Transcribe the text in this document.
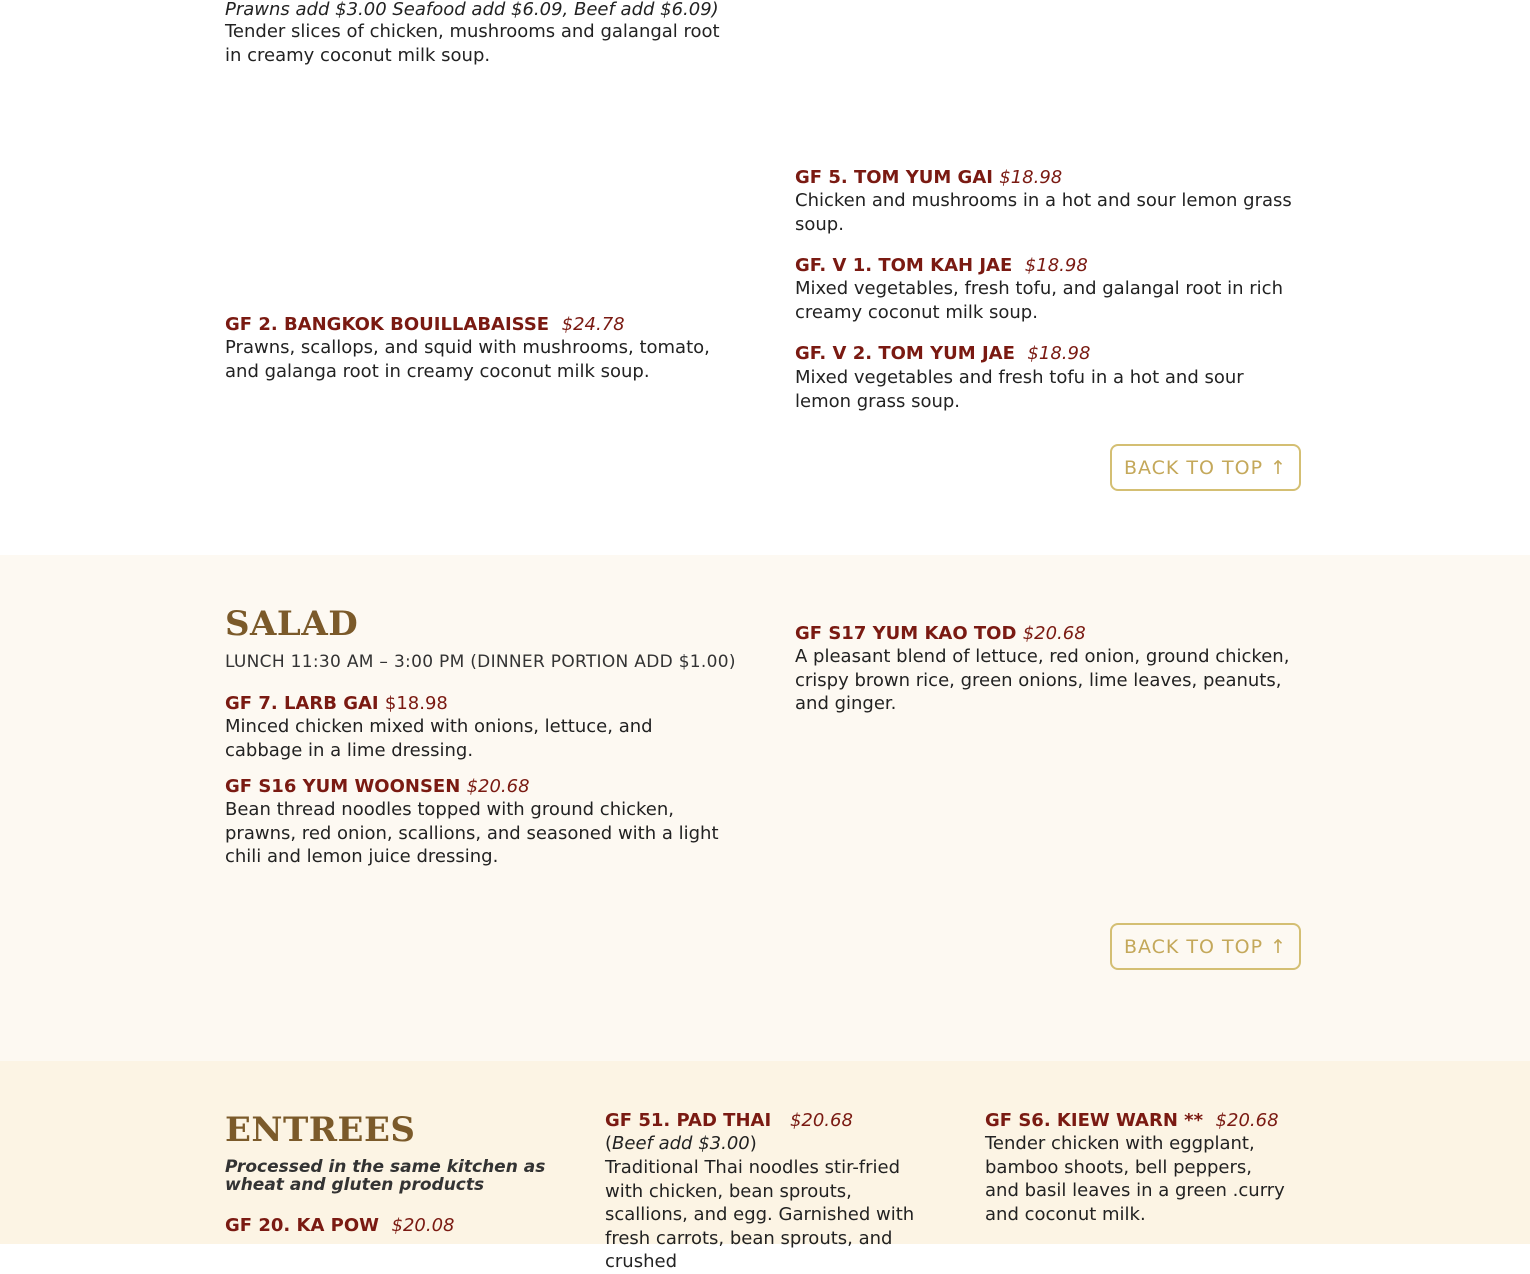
Prawns add $3.00 Seafood add $6.09, Beef add $6.09)
Tender slices of chicken, mushrooms and galangal root in creamy coconut milk soup.
GF 2. BANGKOK BOUILLABAISSE $24.78
Prawns, scallops, and squid with mushrooms, tomato, and galanga root in creamy coconut milk soup.
GF 5. TOM YUM GAI $18.98
Chicken and mushrooms in a hot and sour lemon grass soup.
GF. V 1. TOM KAH JAE $18.98
Mixed vegetables, fresh tofu, and galangal root in rich creamy coconut milk soup.
GF. V 2. TOM YUM JAE $18.98
Mixed vegetables and fresh tofu in a hot and sour lemon grass soup.
BACK TO TOP ↑
SALAD
LUNCH 11:30 AM – 3:00 PM (DINNER PORTION ADD $1.00)
GF 7. LARB GAI $18.98
Minced chicken mixed with onions, lettuce, and cabbage in a lime dressing.
GF S16 YUM WOONSEN $20.68
Bean thread noodles topped with ground chicken, prawns, red onion, scallions, and seasoned with a light chili and lemon juice dressing.
GF S17 YUM KAO TOD $20.68
A pleasant blend of lettuce, red onion, ground chicken, crispy brown rice, green onions, lime leaves, peanuts, and ginger.
BACK TO TOP ↑
ENTREES
Processed in the same kitchen as wheat and gluten products
GF 20. KA POW $20.08
GF 51. PAD THAI $20.68
(Beef add $3.00)
Traditional Thai noodles stir-fried with chicken, bean sprouts, scallions, and egg. Garnished with fresh carrots, bean sprouts, and crushed
GF S6. KIEW WARN ** $20.68
Tender chicken with eggplant, bamboo shoots, bell peppers, and basil leaves in a green .curry and coconut milk.
